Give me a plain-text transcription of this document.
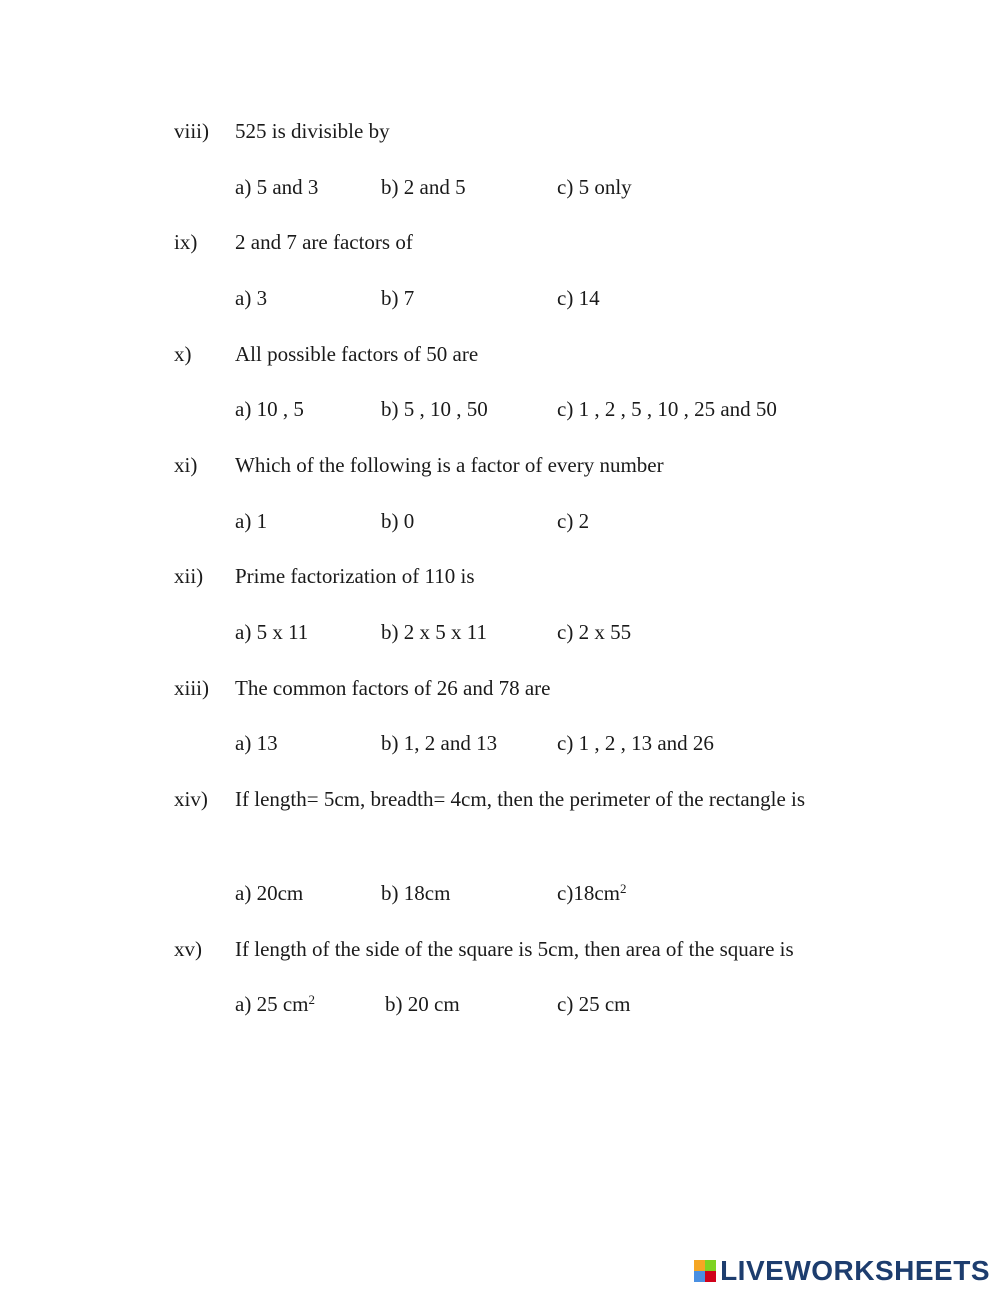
viii) 525 is divisible by
a) 5 and 3	b) 2 and 5	c) 5 only
ix) 2 and 7 are factors of
a) 3	b) 7	c) 14
x) All possible factors of 50 are
a) 10 , 5	b) 5 , 10 , 50	c) 1 , 2 , 5 , 10 , 25 and 50
xi) Which of the following is a factor of every number
a) 1	b) 0	c) 2
xii) Prime factorization of 110 is
a) 5 x 11	b) 2 x 5 x 11	c) 2 x 55
xiii) The common factors of 26 and 78 are
a) 13	b) 1, 2 and 13	c) 1 , 2 , 13 and 26
xiv) If length= 5cm, breadth= 4cm, then the perimeter of the rectangle is
a) 20cm	b) 18cm	$c)18cm^2$
xv) If length of the side of the square is 5cm, then area of the square is
a) 25 $cm^2$	b) 20 cm	c) 25 cm
LIVEWORKSHEETS
